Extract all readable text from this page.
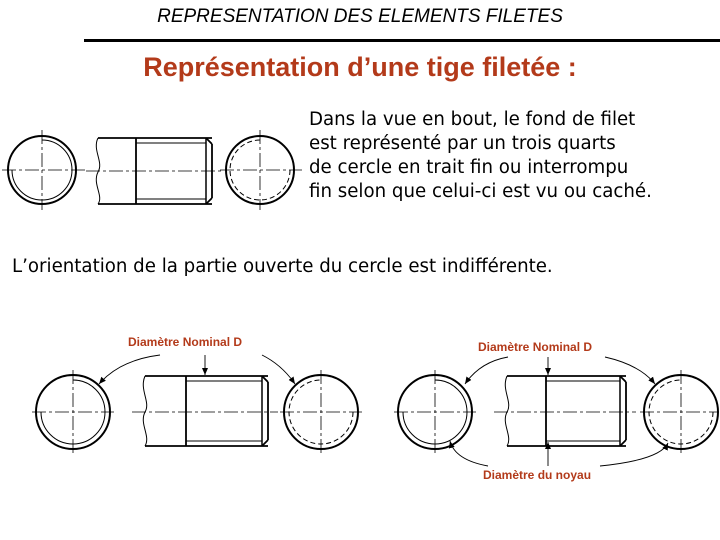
REPRESENTATION DES ELEMENTS FILETES
Représentation d’une tige filetée :
Dans la vue en bout, le fond de filet
est représenté par un trois quarts
de cercle en trait fin ou interrompu
fin selon que celui-ci est vu ou caché.
L’orientation de la partie ouverte du cercle est indifférente.
Diamètre Nominal D	Diamètre Nominal D
Diamètre du noyau
